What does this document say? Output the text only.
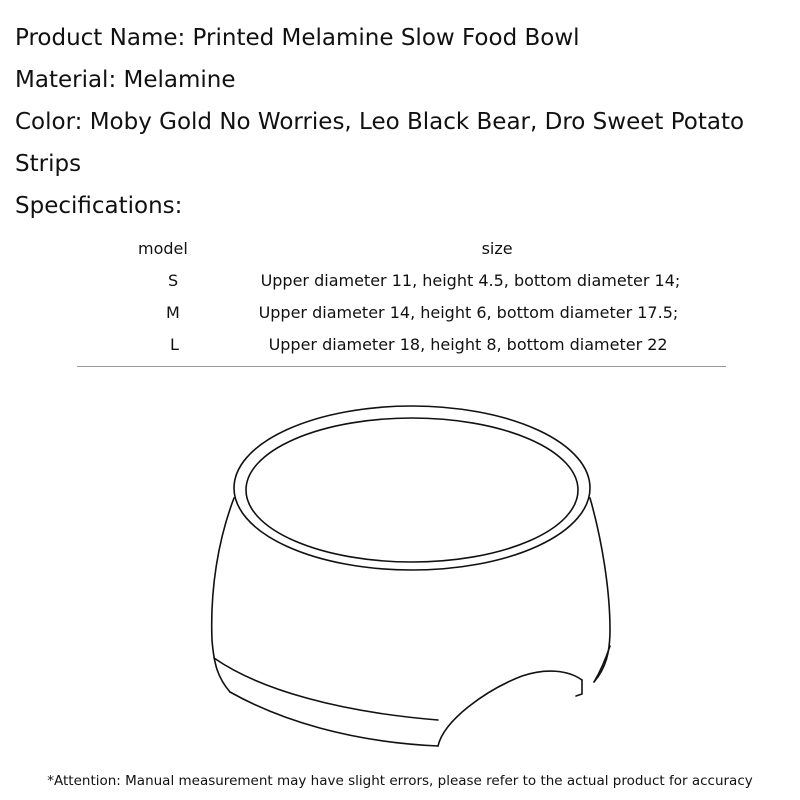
Product Name: Printed Melamine Slow Food Bowl
Material: Melamine
Color: Moby Gold No Worries, Leo Black Bear, Dro Sweet Potato
Strips
Specifications:
model	size
S	Upper diameter 11, height 4.5, bottom diameter 14;
M	Upper diameter 14, height 6, bottom diameter 17.5;
L	Upper diameter 18, height 8, bottom diameter 22
*Attention: Manual measurement may have slight errors, please refer to the actual product for accuracy
